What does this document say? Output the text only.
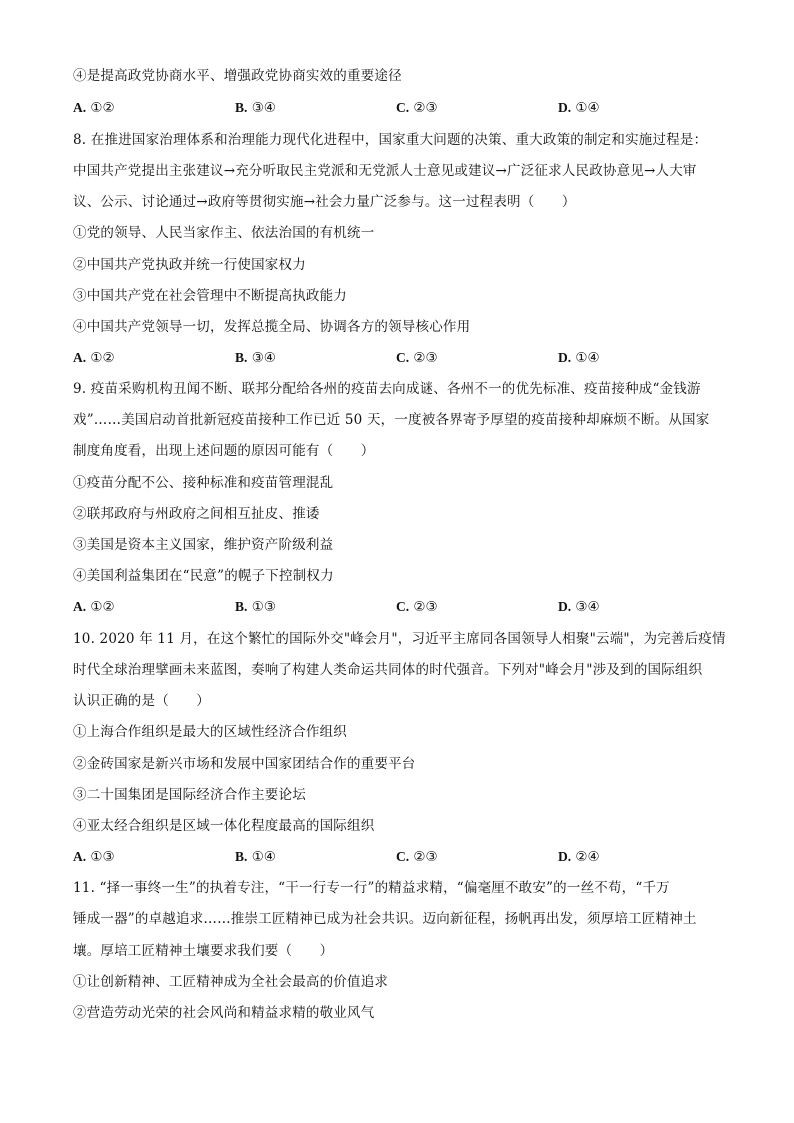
④是提高政党协商水平、增强政党协商实效的重要途径
A. ①②	B. ③④	C. ②③	D. ①④
8. 在推进国家治理体系和治理能力现代化进程中，国家重大问题的决策、重大政策的制定和实施过程是：
中国共产党提出主张建议→充分听取民主党派和无党派人士意见或建议→广泛征求人民政协意见→人大审
议、公示、讨论通过→政府等贯彻实施→社会力量广泛参与。这一过程表明（　　）
①党的领导、人民当家作主、依法治国的有机统一
②中国共产党执政并统一行使国家权力
③中国共产党在社会管理中不断提高执政能力
④中国共产党领导一切，发挥总揽全局、协调各方的领导核心作用
A. ①②	B. ③④	C. ②③	D. ①④
9. 疫苗采购机构丑闻不断、联邦分配给各州的疫苗去向成谜、各州不一的优先标准、疫苗接种成“金钱游
戏”……美国启动首批新冠疫苗接种工作已近 50 天，一度被各界寄予厚望的疫苗接种却麻烦不断。从国家
制度角度看，出现上述问题的原因可能有（　　）
①疫苗分配不公、接种标准和疫苗管理混乱
②联邦政府与州政府之间相互扯皮、推诿
③美国是资本主义国家，维护资产阶级利益
④美国利益集团在“民意”的幌子下控制权力
A. ①②	B. ①③	C. ②③	D. ③④
10. 2020 年 11 月，在这个繁忙的国际外交"峰会月"，习近平主席同各国领导人相聚"云端"，为完善后疫情
时代全球治理擘画未来蓝图，奏响了构建人类命运共同体的时代强音。下列对"峰会月"涉及到的国际组织
认识正确的是（　　）
①上海合作组织是最大的区域性经济合作组织
②金砖国家是新兴市场和发展中国家团结合作的重要平台
③二十国集团是国际经济合作主要论坛
④亚太经合组织是区域一体化程度最高的国际组织
A. ①③	B. ①④	C. ②③	D. ②④
11. “择一事终一生”的执着专注，“干一行专一行”的精益求精，“偏毫厘不敢安”的一丝不苟，“千万
锤成一器”的卓越追求……推崇工匠精神已成为社会共识。迈向新征程，扬帆再出发，须厚培工匠精神土
壤。厚培工匠精神土壤要求我们要（　　）
①让创新精神、工匠精神成为全社会最高的价值追求
②营造劳动光荣的社会风尚和精益求精的敬业风气
